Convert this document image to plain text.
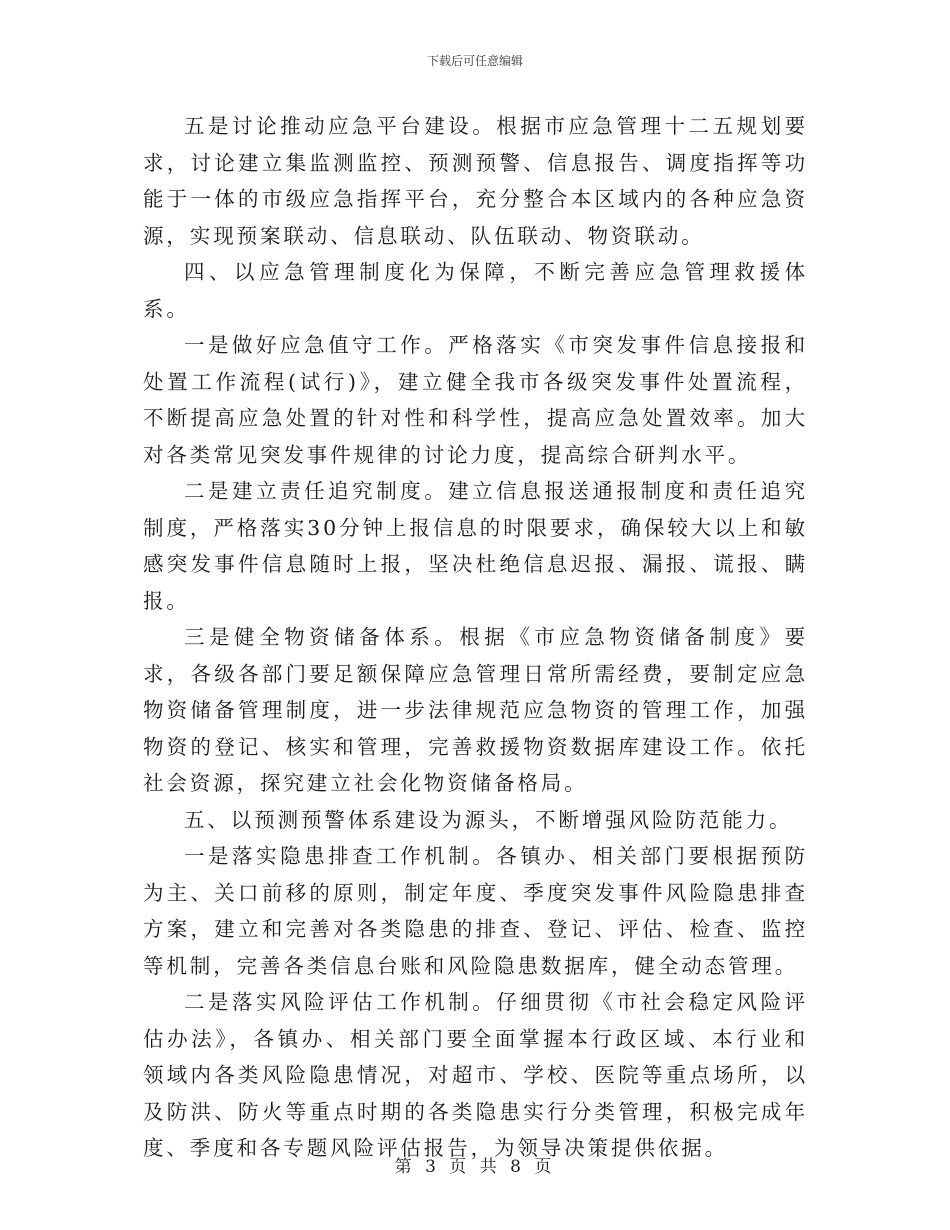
下载后可任意编辑

五是讨论推动应急平台建设。根据市应急管理十二五规划要求，讨论建立集监测监控、预测预警、信息报告、调度指挥等功能于一体的市级应急指挥平台，充分整合本区域内的各种应急资源，实现预案联动、信息联动、队伍联动、物资联动。

四、以应急管理制度化为保障，不断完善应急管理救援体系。

一是做好应急值守工作。严格落实《市突发事件信息接报和处置工作流程(试行)》，建立健全我市各级突发事件处置流程，不断提高应急处置的针对性和科学性，提高应急处置效率。加大对各类常见突发事件规律的讨论力度，提高综合研判水平。

二是建立责任追究制度。建立信息报送通报制度和责任追究制度，严格落实30分钟上报信息的时限要求，确保较大以上和敏感突发事件信息随时上报，坚决杜绝信息迟报、漏报、谎报、瞒报。

三是健全物资储备体系。根据《市应急物资储备制度》要求，各级各部门要足额保障应急管理日常所需经费，要制定应急物资储备管理制度，进一步法律规范应急物资的管理工作，加强物资的登记、核实和管理，完善救援物资数据库建设工作。依托社会资源，探究建立社会化物资储备格局。

五、以预测预警体系建设为源头，不断增强风险防范能力。

一是落实隐患排查工作机制。各镇办、相关部门要根据预防为主、关口前移的原则，制定年度、季度突发事件风险隐患排查方案，建立和完善对各类隐患的排查、登记、评估、检查、监控等机制，完善各类信息台账和风险隐患数据库，健全动态管理。

二是落实风险评估工作机制。仔细贯彻《市社会稳定风险评估办法》，各镇办、相关部门要全面掌握本行政区域、本行业和领域内各类风险隐患情况，对超市、学校、医院等重点场所，以及防洪、防火等重点时期的各类隐患实行分类管理，积极完成年度、季度和各专题风险评估报告，为领导决策提供依据。

第 3 页 共 8 页
